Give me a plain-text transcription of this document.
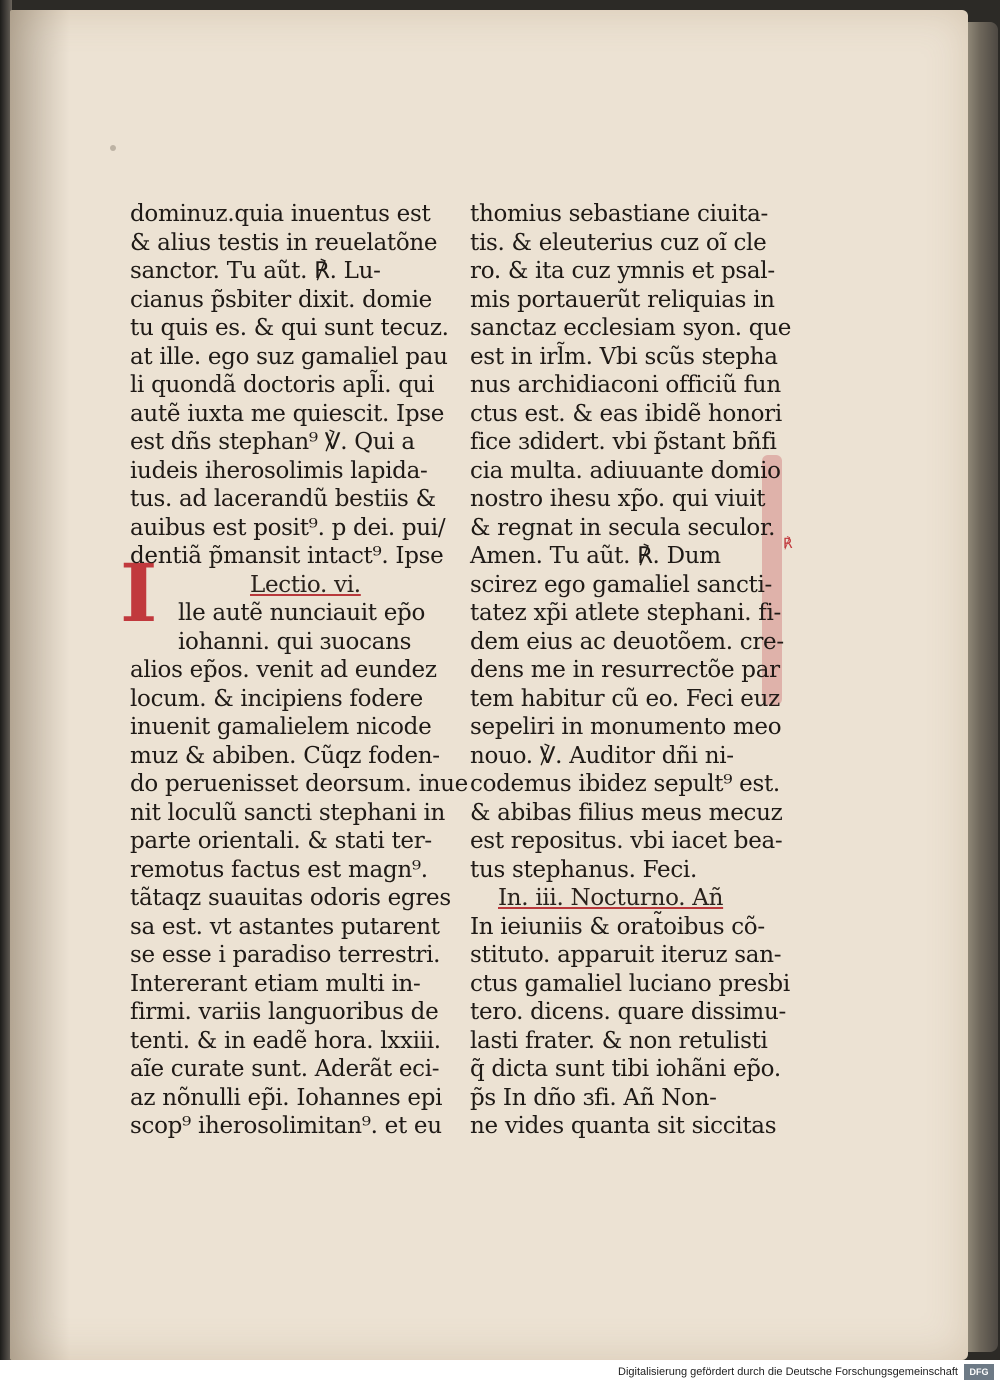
I
℟
dominuz.quia inuentus est
& alius testis in reuelatõne
sanctor. Tu aũt. ℟. Lu-
cianus p̃sbiter dixit. domie
tu quis es. & qui sunt tecuz.
at ille. ego suz gamaliel pau
li quondã doctoris apl̃i. qui
autẽ iuxta me quiescit. Ipse
est dñs stephan⁹ ℣. Qui a
iudeis iherosolimis lapida-
tus. ad lacerandũ bestiis &
auibus est posit⁹. p dei. pui/
dentiã p̃mansit intact⁹. Ipse
Lectio. vi.
lle autẽ nunciauit ep̃o
iohanni. qui ɜuocans
alios ep̃os. venit ad eundez
locum. & incipiens fodere
inuenit gamalielem nicode
muz & abiben. Cũqz foden-
do peruenisset deorsum. inue
nit loculũ sancti stephani in
parte orientali. & stati ter-
remotus factus est magn⁹.
tãtaqz suauitas odoris egres
sa est. vt astantes putarent
se esse i paradiso terrestri.
Intererant etiam multi in-
firmi. variis languoribus de
tenti. & in eadẽ hora. lxxiii.
aĩe curate sunt. Aderãt eci-
az nõnulli ep̃i. Iohannes epi
scop⁹ iherosolimitan⁹. et eu
thomius sebastiane ciuita-
tis. & eleuterius cuz oĩ cle
ro. & ita cuz ymnis et psal-
mis portauerũt reliquias in
sanctaz ecclesiam syon. que
est in irl̃m. Vbi scũs stepha
nus archidiaconi officiũ fun
ctus est. & eas ibidẽ honori
fice ɜdidert. vbi p̃stant bñfi
cia multa. adiuuante domio
nostro ihesu xp̃o. qui viuit
& regnat in secula seculor.
Amen. Tu aũt. ℟. Dum
scirez ego gamaliel sancti-
tatez xp̃i atlete stephani. fi-
dem eius ac deuotõem. cre-
dens me in resurrectõe par
tem habitur cũ eo. Feci euz
sepeliri in monumento meo
nouo. ℣. Auditor dñi ni-
codemus ibidez sepult⁹ est.
& abibas filius meus mecuz
est repositus. vbi iacet bea-
tus stephanus. Feci.
In. iii. Nocturno. Añ
In ieiuniis & orat̃oibus cõ-
stituto. apparuit iteruz san-
ctus gamaliel luciano presbi
tero. dicens. quare dissimu-
lasti frater. & non retulisti
q̃ dicta sunt tibi iohãni ep̃o.
p̃s In dño ɜfi. Añ Non-
ne vides quanta sit siccitas
Digitalisierung gefördert durch die Deutsche Forschungsgemeinschaft	DFG
